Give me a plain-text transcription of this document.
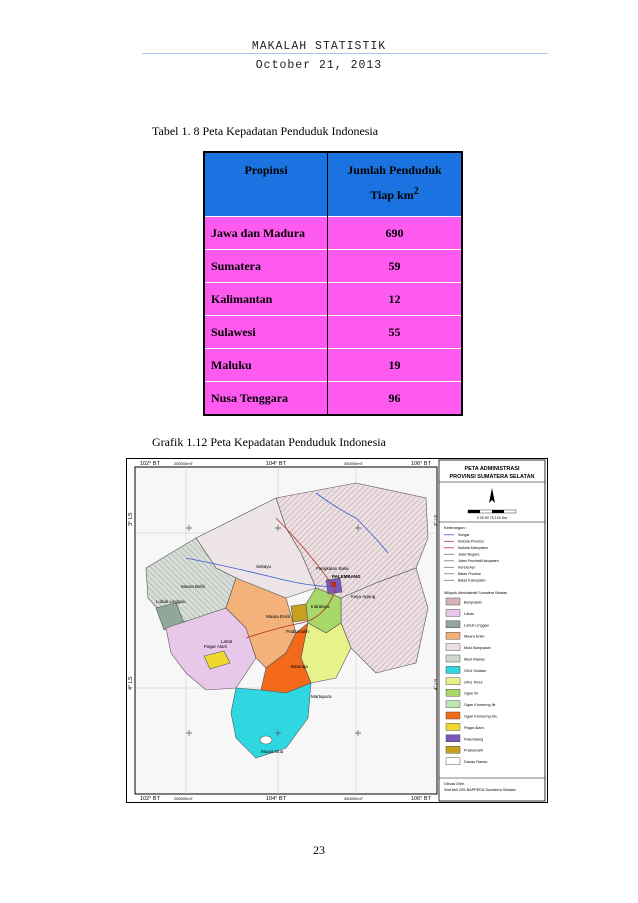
MAKALAH STATISTIK
October 21, 2013
Tabel 1. 8 Peta Kepadatan Penduduk Indonesia
Propinsi	Jumlah Penduduk
Tiap $km^2$
Jawa dan Madura	690
Sumatera	59
Kalimantan	12
Sulawesi	55
Maluku	19
Nusa Tenggara	96
Grafik 1.12 Peta Kepadatan Penduduk Indonesia
102° BT	104° BT	106° BT
102° BT	104° BT	106° BT
250000mT	350000mT
250000mT	350000mT
3° LS
4° LS
3° LS
4° LS
PALEMBANG
Kayu Agung
Sekayu
Muara Enim
Baturaja
Martapura
Muara Dua
Lahat
Pagar Alam
Lubuk Linggau
Muara Beliti
Pangkalan Balai
Indralaya
Prabumulih
PETA ADMINISTRASI
PROVINSI SUMATERA SELATAN
0 25 50 75 100 Km
Keterangan :
Sungai
Ibukota Provinsi
Ibukota Kabupaten
Jalan Negara
Jalan Provinsi/Kabupaten
Kereta Api
Batas Provinsi
Batas Kabupaten
Wilayah Administratif Sumatera Selatan
Banyuasin
Lahat
Lubuk Linggau
Muara Enim
Musi Banyuasin
Musi Rawas
OKU Selatan
OKU Timur
Ogan Ilir
Ogan Komering Ilir
Ogan Komering Ulu
Pagar Alam
Palembang
Prabumulih
Danau Ranau
Dibuat Oleh :
Staf Ahli GIS BAPPEDA Sumatera Selatan
23
